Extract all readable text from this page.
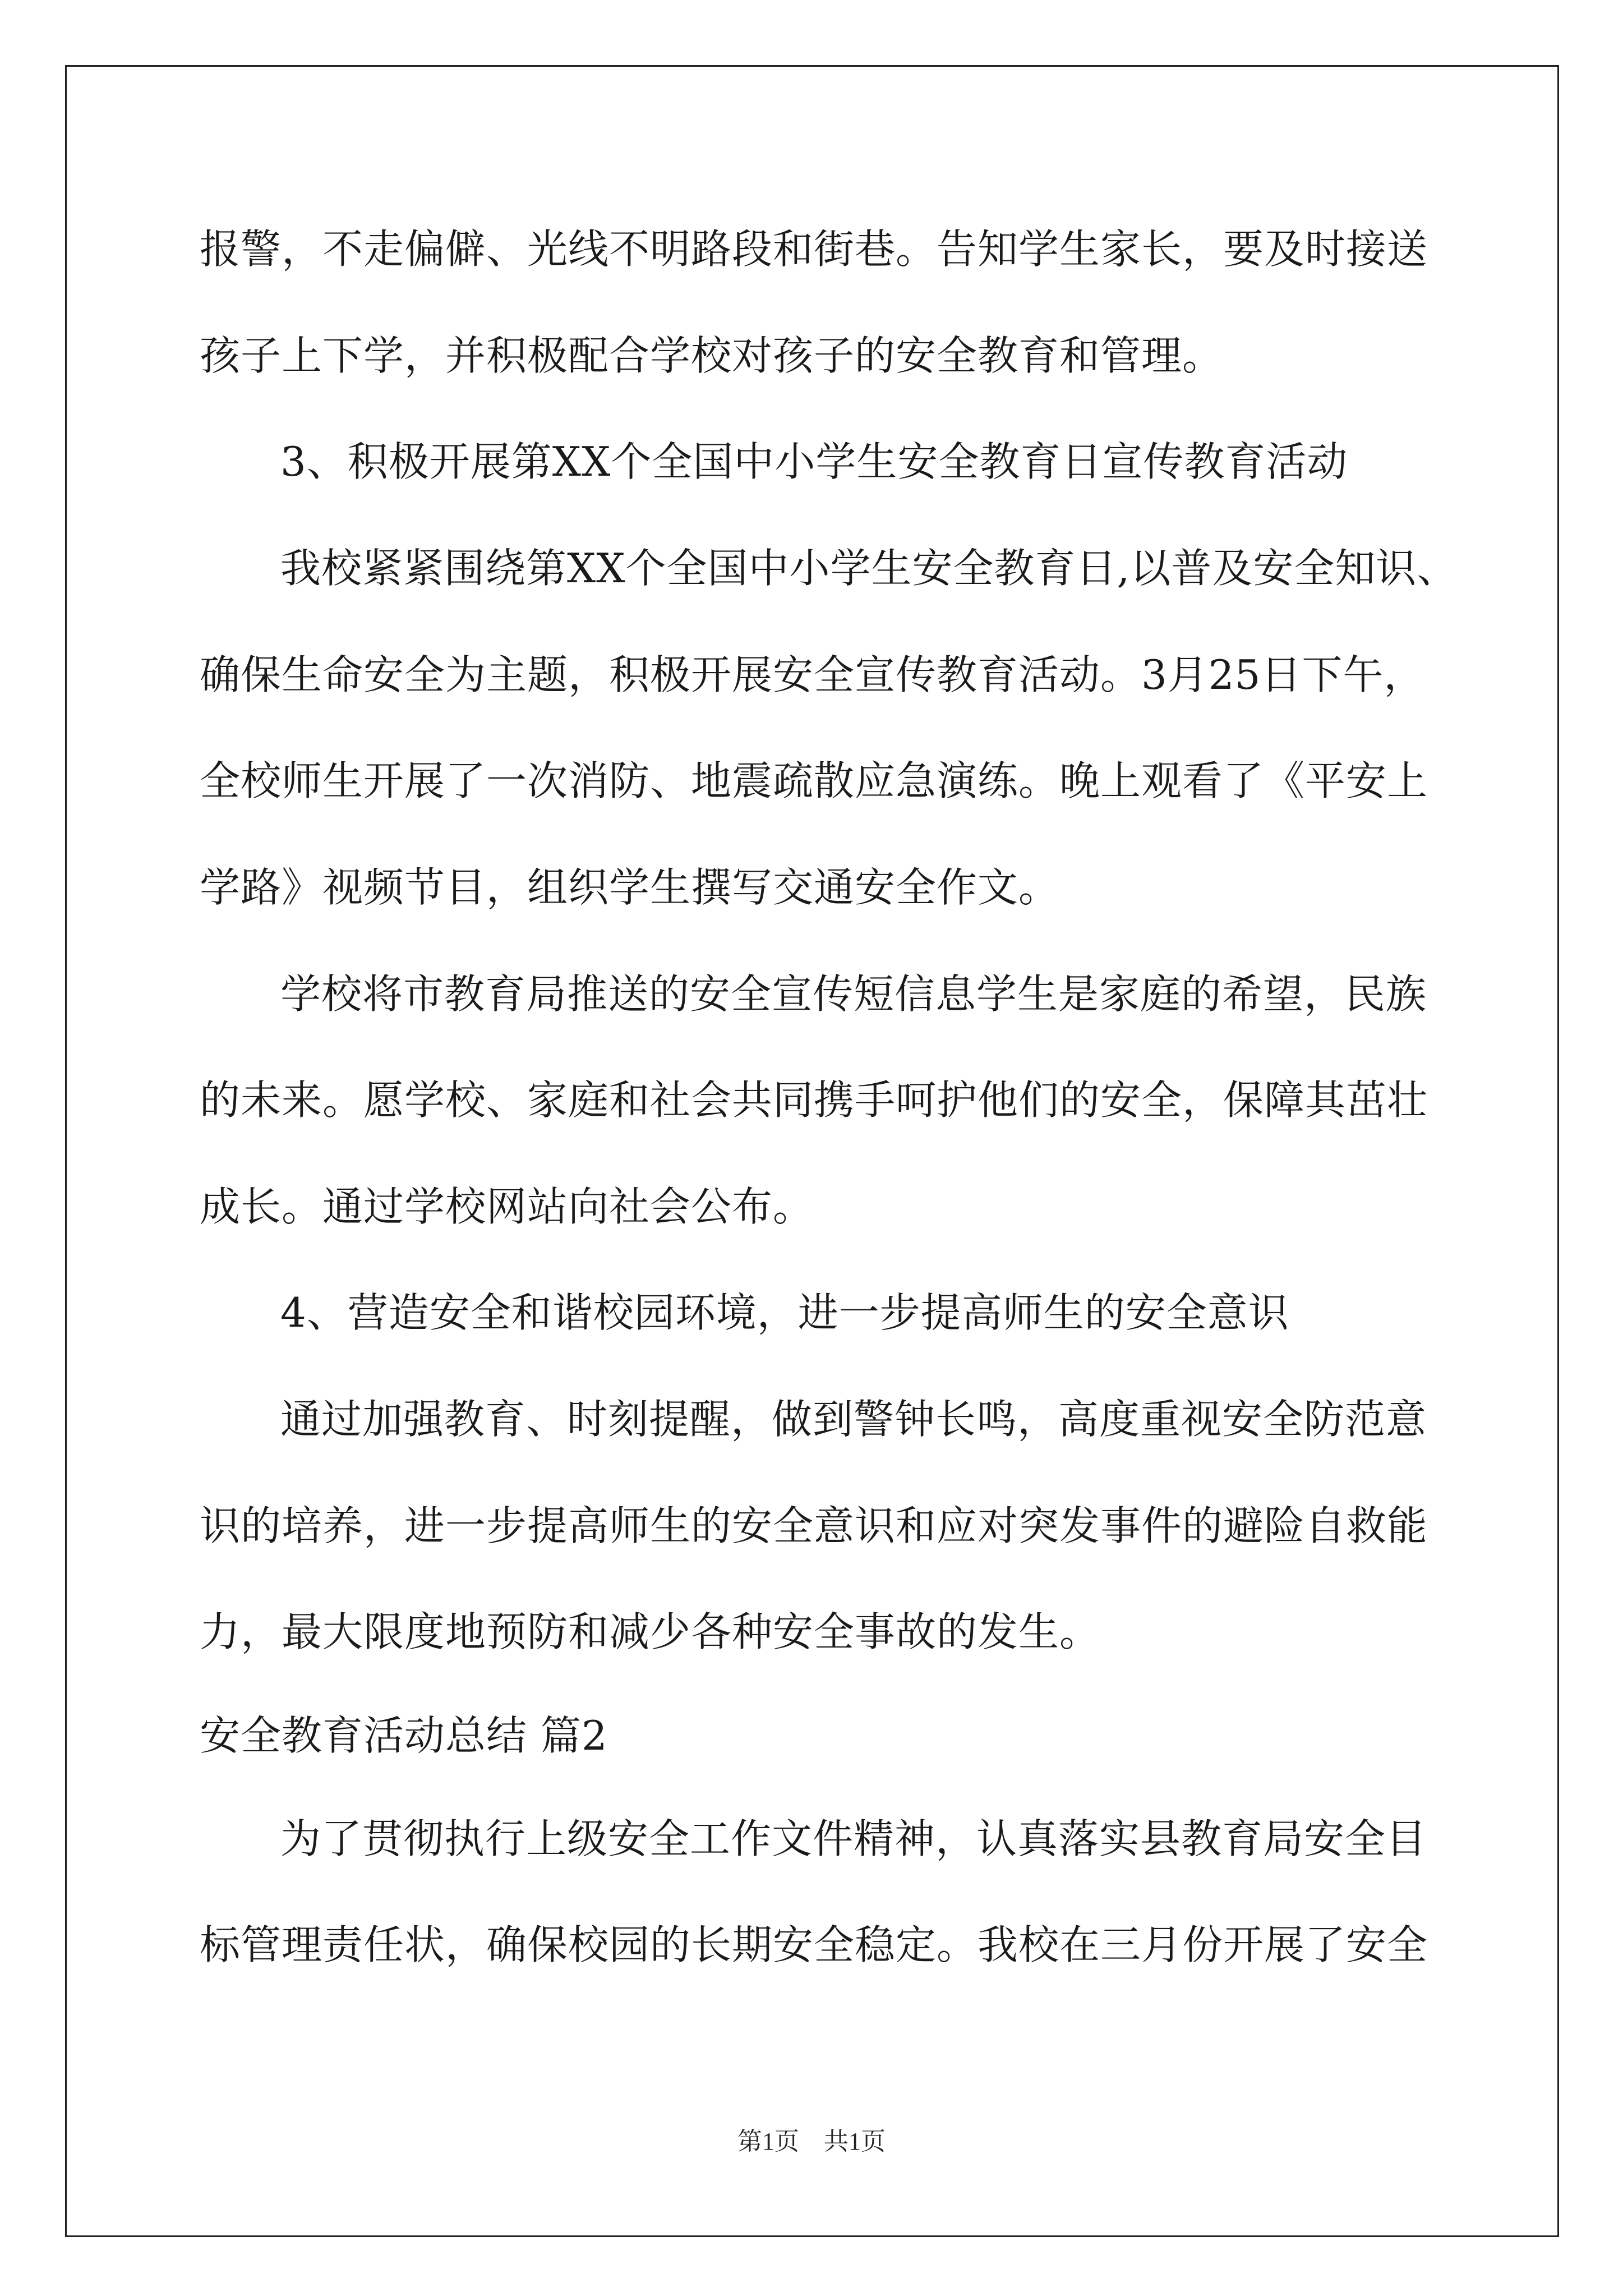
报警，不走偏僻、光线不明路段和街巷。告知学生家长，要及时接送
孩子上下学，并积极配合学校对孩子的安全教育和管理。
3、积极开展第XX个全国中小学生安全教育日宣传教育活动
我校紧紧围绕第XX个全国中小学生安全教育日,以普及安全知识、
确保生命安全为主题，积极开展安全宣传教育活动。3月25日下午，
全校师生开展了一次消防、地震疏散应急演练。晚上观看了《平安上
学路》视频节目，组织学生撰写交通安全作文。
学校将市教育局推送的安全宣传短信息学生是家庭的希望，民族
的未来。愿学校、家庭和社会共同携手呵护他们的安全，保障其茁壮
成长。通过学校网站向社会公布。
4、营造安全和谐校园环境，进一步提高师生的安全意识
通过加强教育、时刻提醒，做到警钟长鸣，高度重视安全防范意
识的培养，进一步提高师生的安全意识和应对突发事件的避险自救能
力，最大限度地预防和减少各种安全事故的发生。
安全教育活动总结 篇2
为了贯彻执行上级安全工作文件精神，认真落实县教育局安全目
标管理责任状，确保校园的长期安全稳定。我校在三月份开展了安全
第1页　共1页
